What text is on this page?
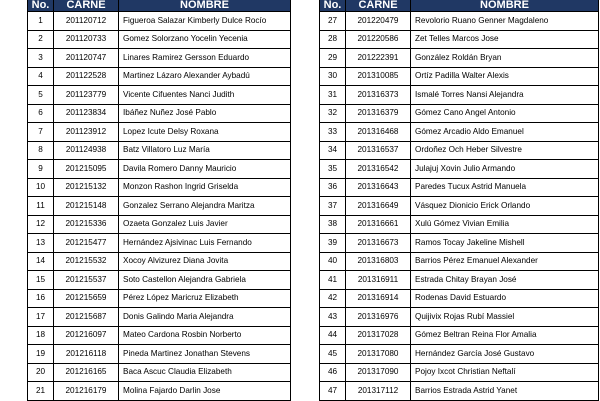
No.	CARNE	NOMBRE
1	201120712	Figueroa Salazar Kimberly Dulce Rocío
2	201120733	Gomez Solorzano Yocelin Yecenia
3	201120747	Linares Ramirez Gersson Eduardo
4	201122528	Martinez Lázaro Alexander Aybadú
5	201123779	Vicente Cifuentes Nanci Judith
6	201123834	Ibáñez Nuñez José Pablo
7	201123912	Lopez Icute Delsy Roxana
8	201124938	Batz Villatoro Luz María
9	201215095	Davila Romero Danny Mauricio
10	201215132	Monzon Rashon Ingrid Griselda
11	201215148	Gonzalez Serrano Alejandra Maritza
12	201215336	Ozaeta Gonzalez Luis Javier
13	201215477	Hernández Ajsivinac Luis Fernando
14	201215532	Xocoy Alvizurez Diana Jovita
15	201215537	Soto Castellon Alejandra Gabriela
16	201215659	Pérez López Maricruz Elizabeth
17	201215687	Donis Galindo Maria Alejandra
18	201216097	Mateo Cardona Rosbin Norberto
19	201216118	Pineda Martinez Jonathan Stevens
20	201216165	Baca Ascuc Claudia Elizabeth
21	201216179	Molina Fajardo Darlin Jose
No.	CARNE	NOMBRE
27	201220479	Revolorio Ruano Genner Magdaleno
28	201220586	Zet Telles Marcos Jose
29	201222391	González Roldán Bryan
30	201310085	Ortíz Padilla Walter Alexis
31	201316373	Ismalé Torres Nansi Alejandra
32	201316379	Gómez Cano Angel Antonio
33	201316468	Gómez Arcadio Aldo Emanuel
34	201316537	Ordoñez Och Heber Silvestre
35	201316542	Julajuj Xovin Julio Armando
36	201316643	Paredes Tucux Astrid Manuela
37	201316649	Vásquez Dionicio Erick Orlando
38	201316661	Xulú Gómez Vivian Emilia
39	201316673	Ramos Tocay Jakeline Mishell
40	201316803	Barrios Pérez Emanuel Alexander
41	201316911	Estrada Chitay Brayan José
42	201316914	Rodenas David Estuardo
43	201316976	Quijivix Rojas Rubí Massiel
44	201317028	Gómez Beltran Reina Flor Amalia
45	201317080	Hernández García José Gustavo
46	201317090	Pojoy Ixcot Christian Neftalí
47	201317112	Barrios Estrada Astrid Yanet
